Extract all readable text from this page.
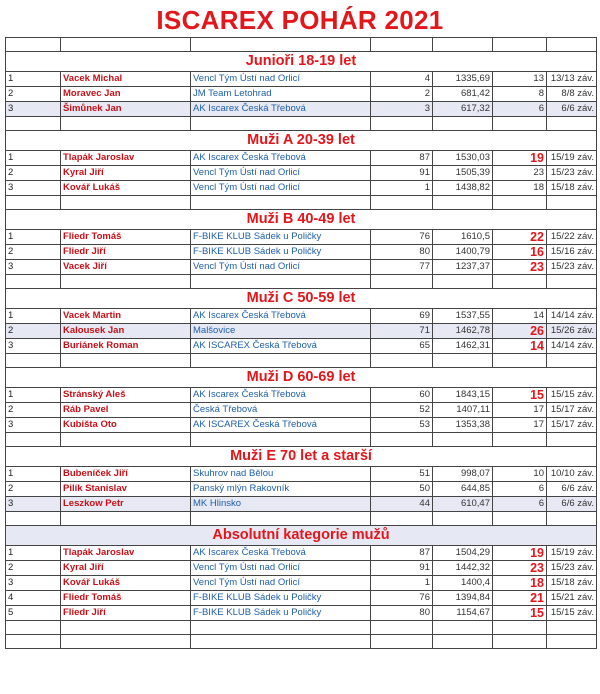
ISCAREX POHÁR 2021

Junioři 18-19 let						
1	Vacek Michal	Vencl Tým Ústí nad Orlicí	4	1335,69	13	13/13 záv.
2	Moravec Jan	JM Team Letohrad	2	681,42	8	8/8 záv.
3	Šimůnek Jan	AK Iscarex Česká Třebová	3	617,32	6	6/6 záv.

Muži A 20-39 let						
1	Tlapák Jaroslav	AK Iscarex Česká Třebová	87	1530,03	19	15/19 záv.
2	Kyral Jiří	Vencl Tým Ústí nad Orlicí	91	1505,39	23	15/23 záv.
3	Kovář Lukáš	Vencl Tým Ústí nad Orlicí	1	1438,82	18	15/18 záv.

Muži B 40-49 let						
1	Fliedr Tomáš	F-BIKE KLUB Sádek u Poličky	76	1610,5	22	15/22 záv.
2	Fliedr Jiří	F-BIKE KLUB Sádek u Poličky	80	1400,79	16	15/16 záv.
3	Vacek Jiří	Vencl Tým Ústí nad Orlicí	77	1237,37	23	15/23 záv.

Muži C 50-59 let						
1	Vacek Martin	AK Iscarex Česká Třebová	69	1537,55	14	14/14 záv.
2	Kalousek Jan	Malšovice	71	1462,78	26	15/26 záv.
3	Buriánek Roman	AK ISCAREX Česká Třebová	65	1462,31	14	14/14 záv.

Muži D 60-69 let						
1	Stránský Aleš	AK Iscarex Česká Třebová	60	1843,15	15	15/15 záv.
2	Ráb Pavel	Česká Třebová	52	1407,11	17	15/17 záv.
3	Kubišta Oto	AK ISCAREX Česká Třebová	53	1353,38	17	15/17 záv.

Muži E 70 let a starší						
1	Bubeníček Jiří	Skuhrov nad Bělou	51	998,07	10	10/10 záv.
2	Pilík Stanislav	Panský mlýn Rakovník	50	644,85	6	6/6 záv.
3	Leszkow Petr	MK Hlinsko	44	610,47	6	6/6 záv.

Absolutní kategorie mužů						
1	Tlapák Jaroslav	AK Iscarex Česká Třebová	87	1504,29	19	15/19 záv.
2	Kyral Jiří	Vencl Tým Ústí nad Orlicí	91	1442,32	23	15/23 záv.
3	Kovář Lukáš	Vencl Tým Ústí nad Orlicí	1	1400,4	18	15/18 záv.
4	Fliedr Tomáš	F-BIKE KLUB Sádek u Poličky	76	1394,84	21	15/21 záv.
5	Fliedr Jiří	F-BIKE KLUB Sádek u Poličky	80	1154,67	15	15/15 záv.
